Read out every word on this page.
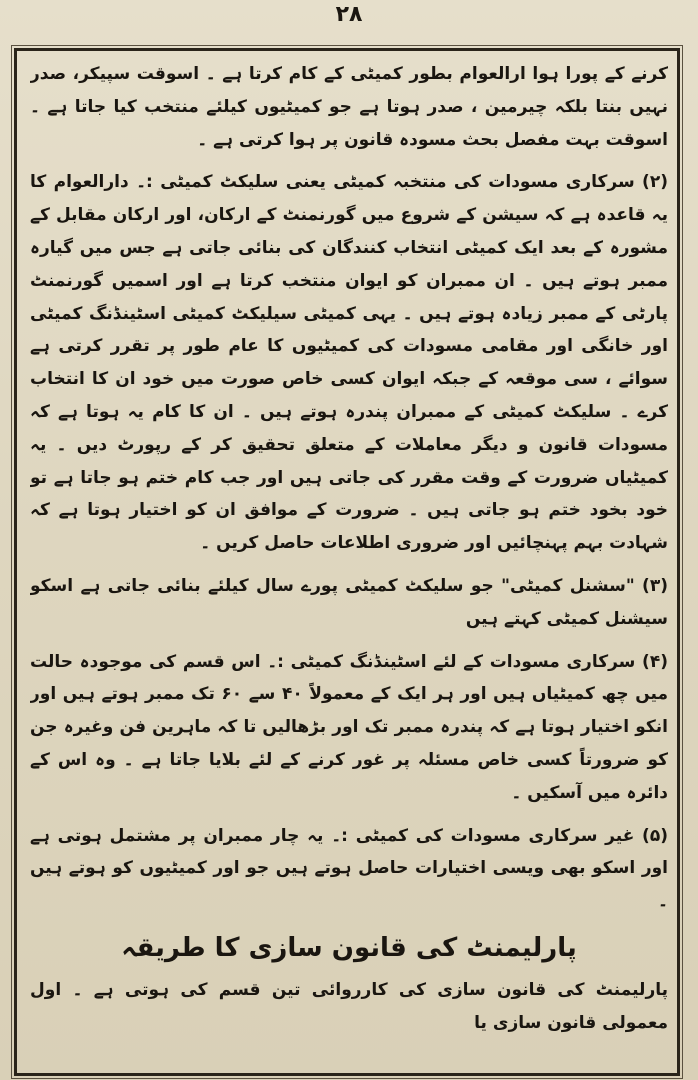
۲۸

کرنے کے پورا ہوا ارالعوام بطور کمیٹی کے کام کرتا ہے ۔ اسوقت سپیکر، صدر نہیں بنتا بلکہ چیرمین ، صدر ہوتا ہے جو کمیٹیوں کیلئے منتخب کیا جاتا ہے ۔ اسوقت بہت مفصل بحث مسودہ قانون پر ہوا کرتی ہے ۔

(۲) سرکاری مسودات کی منتخبہ کمیٹی یعنی سلیکٹ کمیٹی :۔ دارالعوام کا یہ قاعدہ ہے کہ سیشن کے شروع میں گورنمنٹ کے ارکان، اور ارکان مقابل کے مشورہ کے بعد ایک کمیٹی انتخاب کنندگان کی بنائی جاتی ہے جس میں گیارہ ممبر ہوتے ہیں ۔ ان ممبران کو ایوان منتخب کرتا ہے اور اسمیں گورنمنٹ پارٹی کے ممبر زیادہ ہوتے ہیں ۔ یہی کمیٹی سیلیکٹ کمیٹی اسٹینڈنگ کمیٹی اور خانگی اور مقامی مسودات کی کمیٹیوں کا عام طور پر تقرر کرتی ہے سوائے ، سی موقعہ کے جبکہ ایوان کسی خاص صورت میں خود ان کا انتخاب کرے ۔ سلیکٹ کمیٹی کے ممبران پندرہ ہوتے ہیں ۔ ان کا کام یہ ہوتا ہے کہ مسودات قانون و دیگر معاملات کے متعلق تحقیق کر کے رپورٹ دیں ۔ یہ کمیٹیاں ضرورت کے وقت مقرر کی جاتی ہیں اور جب کام ختم ہو جاتا ہے تو خود بخود ختم ہو جاتی ہیں ۔ ضرورت کے موافق ان کو اختیار ہوتا ہے کہ شہادت بہم پہنچائیں اور ضروری اطلاعات حاصل کریں ۔

(۳) "سشنل کمیٹی" جو سلیکٹ کمیٹی پورے سال کیلئے بنائی جاتی ہے اسکو سیشنل کمیٹی کہتے ہیں

(۴) سرکاری مسودات کے لئے اسٹینڈنگ کمیٹی :۔ اس قسم کی موجودہ حالت میں چھ کمیٹیاں ہیں اور ہر ایک کے معمولاً ۴۰ سے ۶۰ تک ممبر ہوتے ہیں اور انکو اختیار ہوتا ہے کہ پندرہ ممبر تک اور بڑھالیں تا کہ ماہرین فن وغیرہ جن کو ضرورتاً کسی خاص مسئلہ پر غور کرنے کے لئے بلایا جاتا ہے ۔ وہ اس کے دائرہ میں آسکیں ۔

(۵) غیر سرکاری مسودات کی کمیٹی :۔ یہ چار ممبران پر مشتمل ہوتی ہے اور اسکو بھی ویسی اختیارات حاصل ہوتے ہیں جو اور کمیٹیوں کو ہوتے ہیں ۔

پارلیمنٹ کی قانون سازی کا طریقہ

پارلیمنٹ کی قانون سازی کی کارروائی تین قسم کی ہوتی ہے ۔ اول معمولی قانون سازی یا
